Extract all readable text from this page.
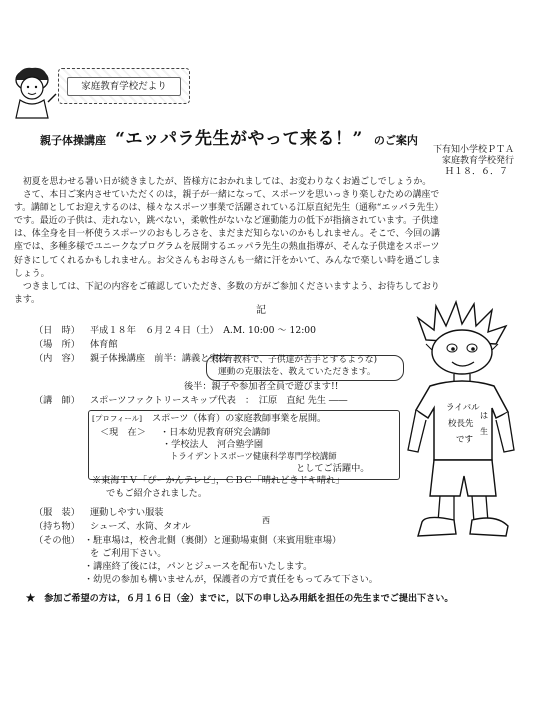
家庭教育学校だより
親子体操講座 “エッパラ先生がやって来る！” のご案内
下有知小学校ＰＴＡ
家庭教育学校発行
Ｈ１８．６．７
　初夏を思わせる暑い日が続きましたが、皆様方におかれましては、お変わりなくお過ごしでしょうか。
　さて、本日ご案内させていただくのは，親子が一緒になって、スポーツを思いっきり楽しむための講座で
す。講師としてお迎えするのは、様々なスポーツ事業で活躍されている江原直紀先生（通称“エッパラ先生）
です。最近の子供は、走れない，跳べない，柔軟性がないなど運動能力の低下が指摘されています。子供達
は、体全身を目一杯使うスポーツのおもしろさを、まだまだ知らないのかもしれません。そこで、今回の講
座では、多種多様でユニークなプログラムを展開するエッパラ先生の熱血指導が、そんな子供達をスポーツ
好きにしてくれるかもしれません。お父さんもお母さんも一緒に汗をかいて、みんなで楽しい時を過ごしま
しょう。
　つきましては、下記の内容をご確認していただき、多数の方がご参加くださいますよう、お待ちしており
ます。
記
（日　時） 平成１８年　６月２４日（土）　A.M. 10:00 〜 12:00
（場　所） 体育館
（内　容） 親子体操講座　前半：講義と実技
(体育教科で、子供達が苦手とするような)
運動の克服法を、教えていただきます。
後半：親子や参加者全員で遊びます!!
（講　師） スポーツファクトリースキップ代表　：　江原　直紀 先生 ――
[プロフィール] スポーツ（体育）の家庭教師事業を展開。
＜現　在＞ ・日本幼児教育研究会講師
・学校法人　河合塾学園
トライデントスポーツ健康科学専門学校講師
としてご活躍中。
※東海ＴＶ「ぴーかんテレビ」，ＣＢＣ「晴れどきドキ晴れ」
でもご紹介されました。
（服　装） 運動しやすい服装
（持ち物） シューズ、水筒、タオル
西
（その他） ・駐車場は，校舎北側（裏側）と運動場東側（来賓用駐車場）
を ご利用下さい。
・講座終了後には，パンとジュースを配布いたします。
・幼児の参加も構いませんが，保護者の方で責任をもってみて下さい。
★　参加ご希望の方は，６月１６日（金）までに，以下の申し込み用紙を担任の先生までご提出下さい。
ライバル
校長先
です
は
生
